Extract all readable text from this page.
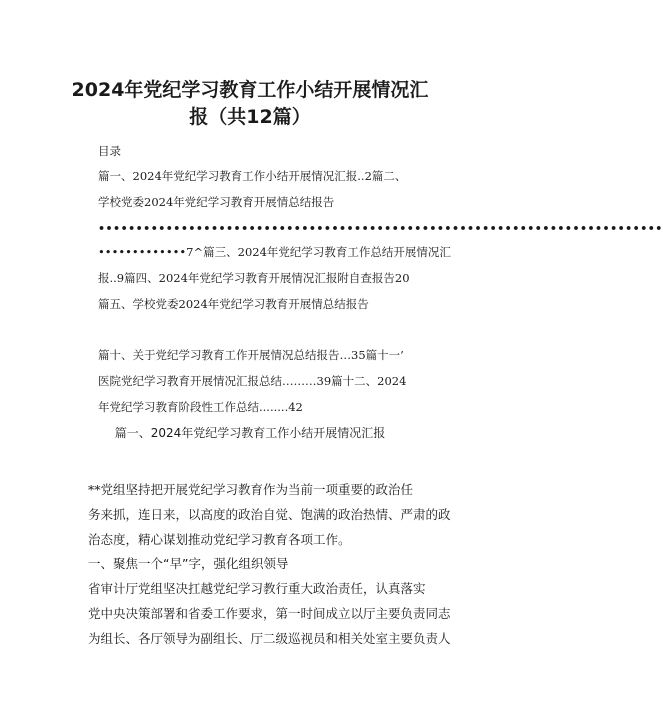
2024年党纪学习教育工作小结开展情况汇
报（共12篇）
目录
篇一、2024年党纪学习教育工作小结开展情况汇报..2篇二、
学校党委2024年党纪学习教育开展情总结报告
•••••••••••••••••••••••••••••••••••••••••••••••••••••••••••••••••••••••••••
•••••••••••••7^篇三、2024年党纪学习教育工作总结开展情况汇
报..9篇四、2024年党纪学习教育开展情况汇报附自查报告20
篇五、学校党委2024年党纪学习教育开展情总结报告
篇十、关于党纪学习教育工作开展情况总结报告…35篇十一’
医院党纪学习教育开展情况汇报总结………39篇十二、2024
年党纪学习教育阶段性工作总结........42
篇一、2024年党纪学习教育工作小结开展情况汇报
**党组坚持把开展党纪学习教育作为当前一项重要的政治任
务来抓，连日来，以高度的政治自觉、饱满的政治热情、严肃的政
治态度，精心谋划推动党纪学习教育各项工作。
一、聚焦一个“早”字，强化组织领导
省审计厅党组坚决扛越党纪学习教行重大政治责任，认真落实
党中央决策部署和省委工作要求，第一时间成立以厅主要负责同志
为组长、各厅领导为副组长、厅二级巡视员和相关处室主要负责人
